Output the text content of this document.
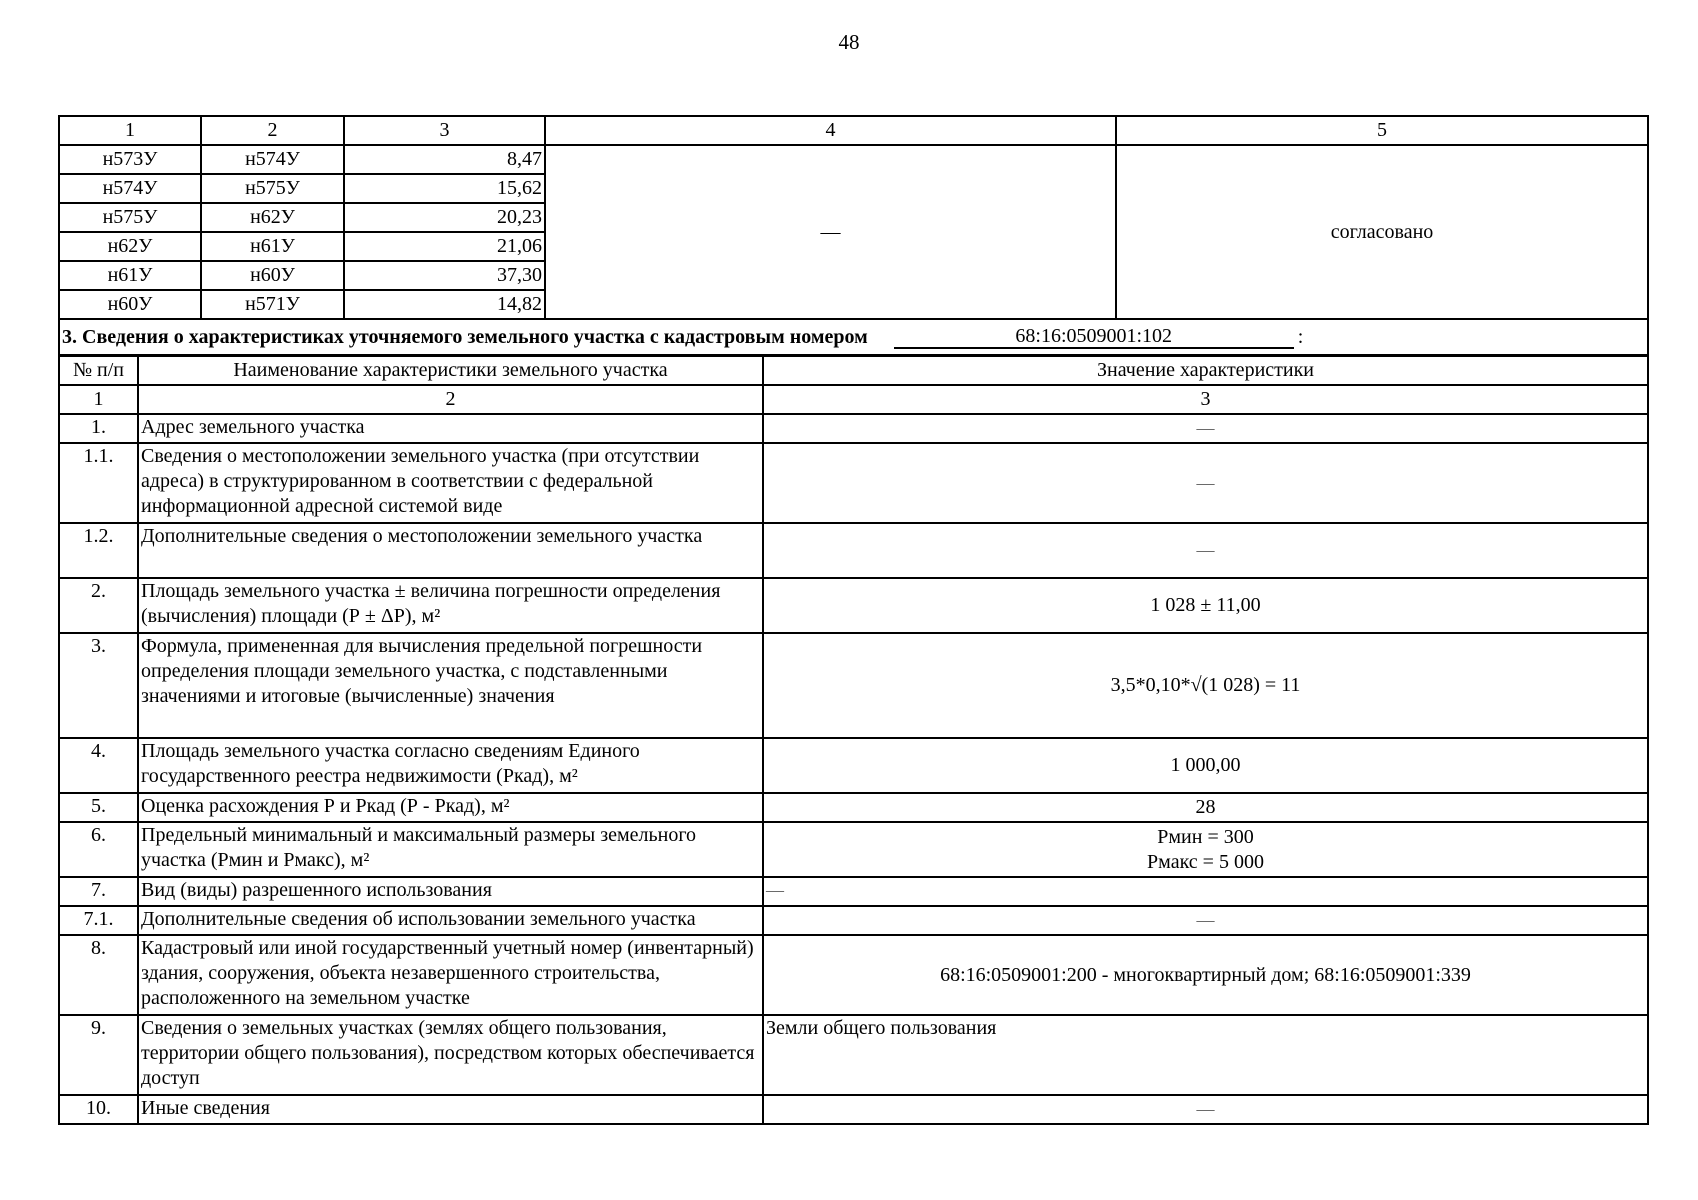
48
1	2	3	4	5
н573У	н574У	8,47	—	согласовано
н574У	н575У	15,62		
н575У	н62У	20,23		
н62У	н61У	21,06		
н61У	н60У	37,30		
н60У	н571У	14,82		

3. Сведения о характеристиках уточняемого земельного участка с кадастровым номером 68:16:0509001:102 :				
№ п/п	Наименование характеристики земельного участка	Значение характеристики
1	2	3
1.	Адрес земельного участка	—

1.1.	Сведения о местоположении земельного участка (при отсутствии адреса) в структурированном в соответствии с федеральной информационной адресной системой виде	—

1.2.	Дополнительные сведения о местоположении земельного участка	—

2.	Площадь земельного участка ± величина погрешности определения (вычисления) площади (Р ± ΔР), м²	1 028 ± 11,00

3.	Формула, примененная для вычисления предельной погрешности определения площади земельного участка, с подставленными значениями и итоговые (вычисленные) значения	3,5*0,10*√(1 028) = 11

4.	Площадь земельного участка согласно сведениям Единого государственного реестра недвижимости (Ркад), м²	1 000,00

5.	Оценка расхождения Р и Ркад (Р - Ркад), м²	28

6.	Предельный минимальный и максимальный размеры земельного участка (Рмин и Рмакс), м²	Рмин = 300
Рмакс = 5 000

7.	Вид (виды) разрешенного использования	—

7.1.	Дополнительные сведения об использовании земельного участка	—

8.	Кадастровый или иной государственный учетный номер (инвентарный) здания, сооружения, объекта незавершенного строительства, расположенного на земельном участке	68:16:0509001:200 - многоквартирный дом; 68:16:0509001:339

9.	Сведения о земельных участках (землях общего пользования, территории общего пользования), посредством которых обеспечивается доступ	Земли общего пользования

10.	Иные сведения	—
